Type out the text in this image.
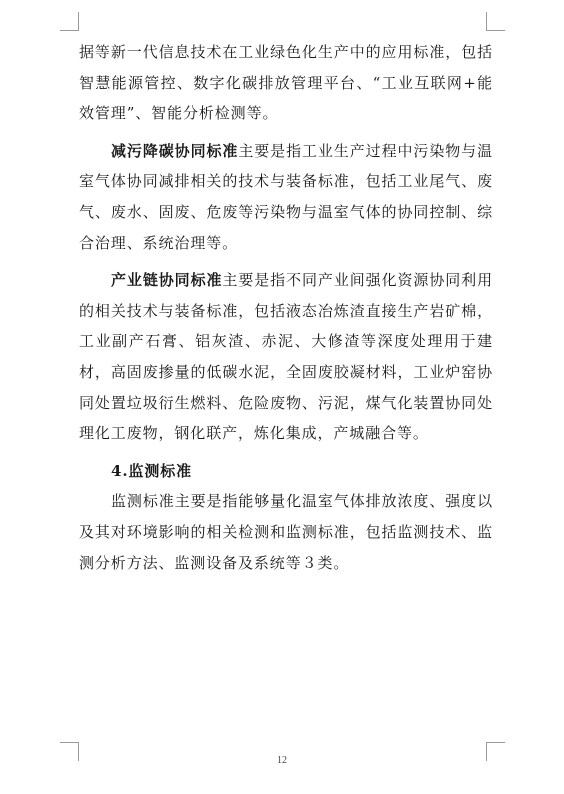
据等新一代信息技术在工业绿色化生产中的应用标准，包括智慧能源管控、数字化碳排放管理平台、“工业互联网+能效管理”、智能分析检测等。

减污降碳协同标准主要是指工业生产过程中污染物与温室气体协同减排相关的技术与装备标准，包括工业尾气、废气、废水、固废、危废等污染物与温室气体的协同控制、综合治理、系统治理等。

产业链协同标准主要是指不同产业间强化资源协同利用的相关技术与装备标准，包括液态冶炼渣直接生产岩矿棉，工业副产石膏、铝灰渣、赤泥、大修渣等深度处理用于建材，高固废掺量的低碳水泥，全固废胶凝材料，工业炉窑协同处置垃圾衍生燃料、危险废物、污泥，煤气化装置协同处理化工废物，钢化联产，炼化集成，产城融合等。

4.监测标准

监测标准主要是指能够量化温室气体排放浓度、强度以及其对环境影响的相关检测和监测标准，包括监测技术、监测分析方法、监测设备及系统等３类。

12
